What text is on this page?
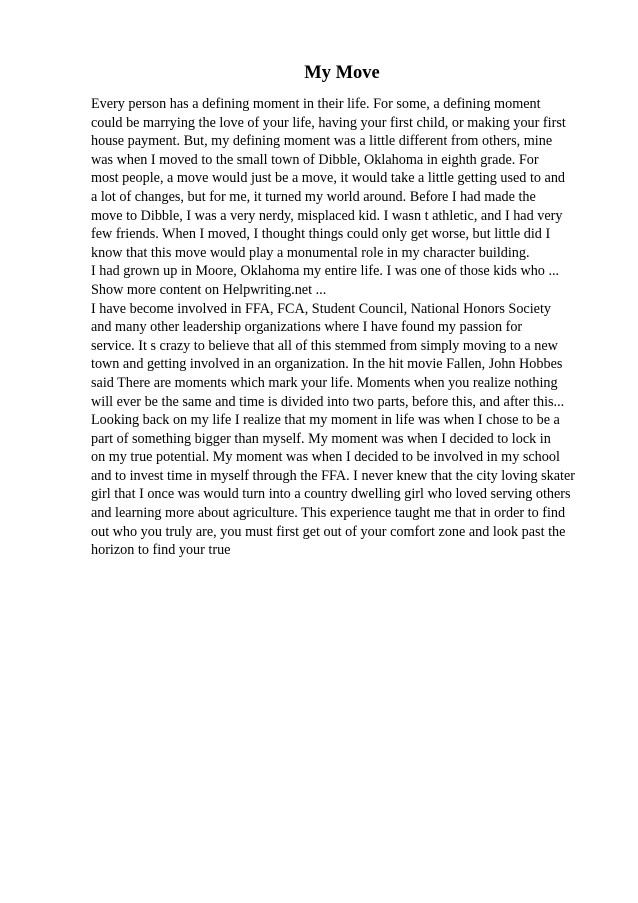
My Move
Every person has a defining moment in their life. For some, a defining moment
could be marrying the love of your life, having your first child, or making your first
house payment. But, my defining moment was a little different from others, mine
was when I moved to the small town of Dibble, Oklahoma in eighth grade. For
most people, a move would just be a move, it would take a little getting used to and
a lot of changes, but for me, it turned my world around. Before I had made the
move to Dibble, I was a very nerdy, misplaced kid. I wasn t athletic, and I had very
few friends. When I moved, I thought things could only get worse, but little did I
know that this move would play a monumental role in my character building.
I had grown up in Moore, Oklahoma my entire life. I was one of those kids who ...
Show more content on Helpwriting.net ...
I have become involved in FFA, FCA, Student Council, National Honors Society
and many other leadership organizations where I have found my passion for
service. It s crazy to believe that all of this stemmed from simply moving to a new
town and getting involved in an organization. In the hit movie Fallen, John Hobbes
said There are moments which mark your life. Moments when you realize nothing
will ever be the same and time is divided into two parts, before this, and after this...
Looking back on my life I realize that my moment in life was when I chose to be a
part of something bigger than myself. My moment was when I decided to lock in
on my true potential. My moment was when I decided to be involved in my school
and to invest time in myself through the FFA. I never knew that the city loving skater
girl that I once was would turn into a country dwelling girl who loved serving others
and learning more about agriculture. This experience taught me that in order to find
out who you truly are, you must first get out of your comfort zone and look past the
horizon to find your true
